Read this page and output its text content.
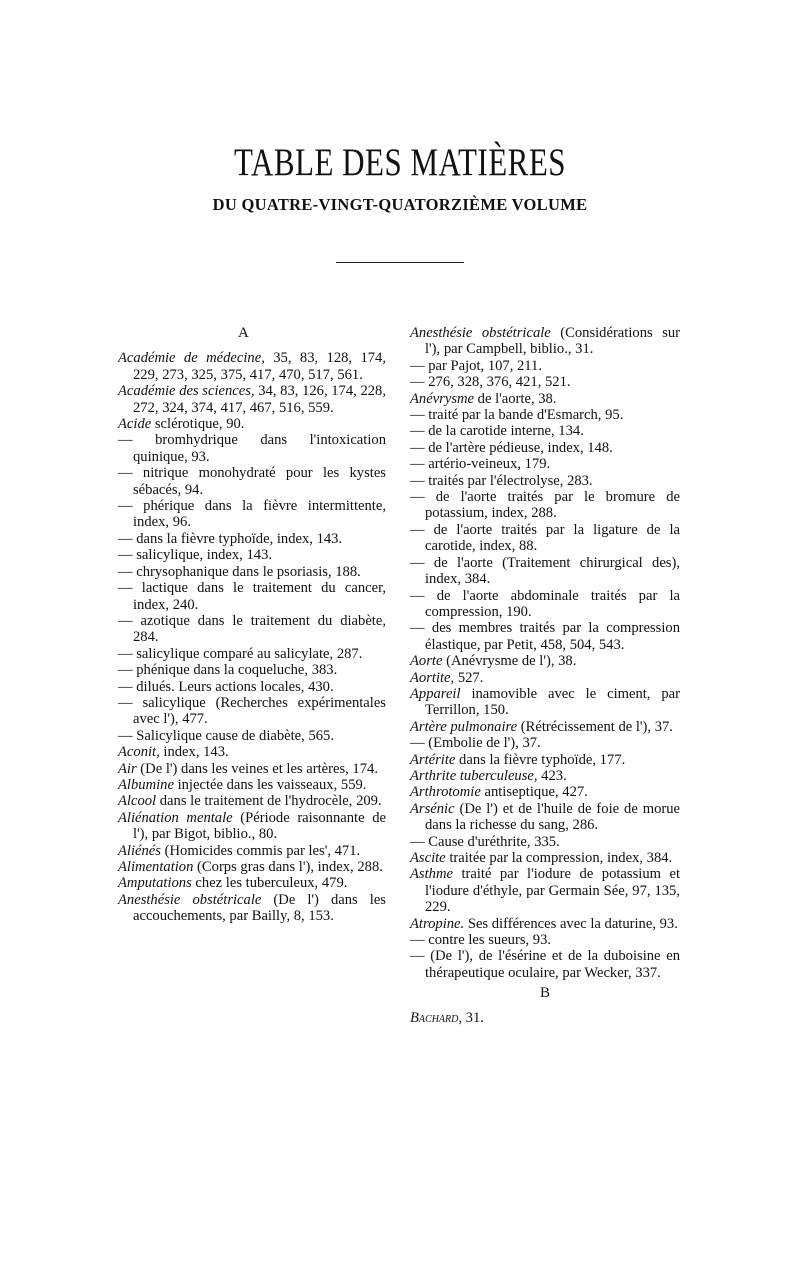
TABLE DES MATIÈRES
DU QUATRE-VINGT-QUATORZIÈME VOLUME
A

Académie de médecine, 35, 83, 128, 174, 229, 273, 325, 375, 417, 470, 517, 561.

Académie des sciences, 34, 83, 126, 174, 228, 272, 324, 374, 417, 467, 516, 559.

Acide sclérotique, 90.

— bromhydrique dans l'intoxication quinique, 93.

— nitrique monohydraté pour les kystes sébacés, 94.

— phérique dans la fièvre intermittente, index, 96.

— dans la fièvre typhoïde, index, 143.

— salicylique, index, 143.

— chrysophanique dans le psoriasis, 188.

— lactique dans le traitement du cancer, index, 240.

— azotique dans le traitement du diabète, 284.

— salicylique comparé au salicylate, 287.

— phénique dans la coqueluche, 383.

— dilués. Leurs actions locales, 430.

— salicylique (Recherches expérimentales avec l'), 477.

— Salicylique cause de diabète, 565.

Aconit, index, 143.

Air (De l') dans les veines et les artères, 174.

Albumine injectée dans les vaisseaux, 559.

Alcool dans le traitement de l'hydrocèle, 209.

Aliénation mentale (Période raisonnante de l'), par Bigot, biblio., 80.

Aliénés (Homicides commis par les', 471.

Alimentation (Corps gras dans l'), index, 288.

Amputations chez les tuberculeux, 479.

Anesthésie obstétricale (De l') dans les accouchements, par Bailly, 8, 153.

Anesthésie obstétricale (Considérations sur l'), par Campbell, biblio., 31.

— par Pajot, 107, 211.

— 276, 328, 376, 421, 521.

Anévrysme de l'aorte, 38.

— traité par la bande d'Esmarch, 95.

— de la carotide interne, 134.

— de l'artère pédieuse, index, 148.

— artério-veineux, 179.

— traités par l'électrolyse, 283.

— de l'aorte traités par le bromure de potassium, index, 288.

— de l'aorte traités par la ligature de la carotide, index, 88.

— de l'aorte (Traitement chirurgical des), index, 384.

— de l'aorte abdominale traités par la compression, 190.

— des membres traités par la compression élastique, par Petit, 458, 504, 543.

Aorte (Anévrysme de l'), 38.

Aortite, 527.

Appareil inamovible avec le ciment, par Terrillon, 150.

Artère pulmonaire (Rétrécissement de l'), 37.

— (Embolie de l'), 37.

Artérite dans la fièvre typhoïde, 177.

Arthrite tuberculeuse, 423.

Arthrotomie antiseptique, 427.

Arsénic (De l') et de l'huile de foie de morue dans la richesse du sang, 286.

— Cause d'uréthrite, 335.

Ascite traitée par la compression, index, 384.

Asthme traité par l'iodure de potassium et l'iodure d'éthyle, par Germain Sée, 97, 135, 229.

Atropine. Ses différences avec la daturine, 93.

— contre les sueurs, 93.

— (De l'), de l'ésérine et de la duboisine en thérapeutique oculaire, par Wecker, 337.

B

Bachard, 31.
